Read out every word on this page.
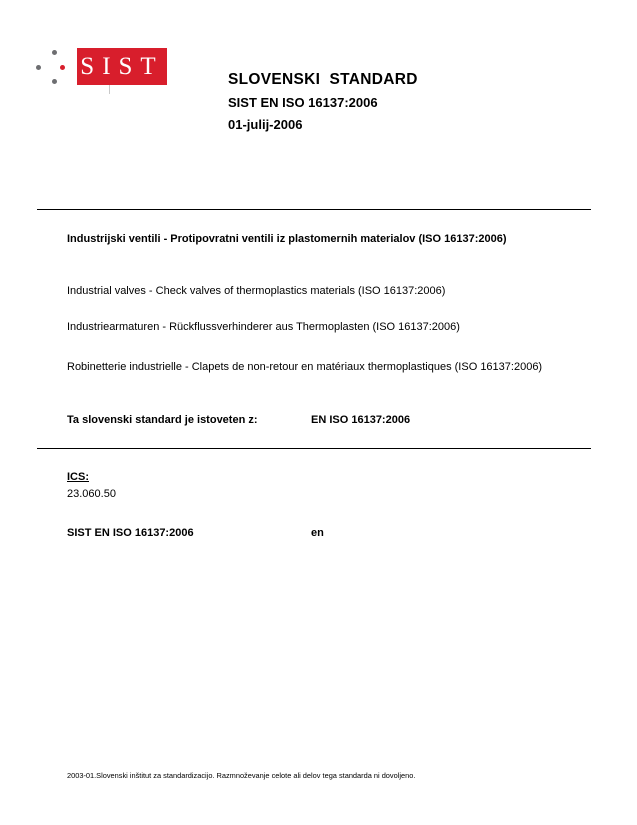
SIST	SLOVENSKI  STANDARD
SIST EN ISO 16137:2006
01-julij-2006
Industrijski ventili - Protipovratni ventili iz plastomernih materialov (ISO 16137:2006)
Industrial valves - Check valves of thermoplastics materials (ISO 16137:2006)
Industriearmaturen - Rückflussverhinderer aus Thermoplasten (ISO 16137:2006)
Robinetterie industrielle - Clapets de non-retour en matériaux thermoplastiques (ISO 16137:2006)
Ta slovenski standard je istoveten z:	EN ISO 16137:2006
ICS:
23.060.50
SIST EN ISO 16137:2006	en
2003-01.Slovenski inštitut za standardizacijo. Razmnoževanje celote ali delov tega standarda ni dovoljeno.
